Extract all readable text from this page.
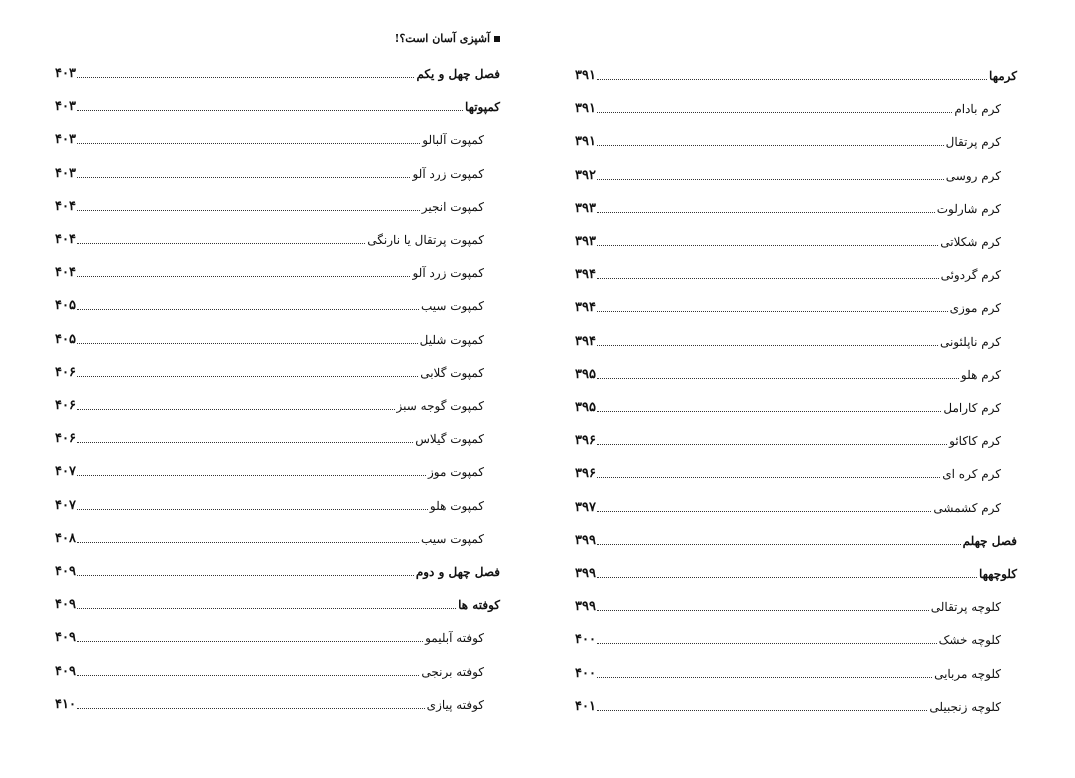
آشپزی آسان است؟!
کرمها
۳۹۱
کرم بادام
۳۹۱
کرم پرتقال
۳۹۱
کرم روسی
۳۹۲
کرم شارلوت
۳۹۳
کرم شکلاتی
۳۹۳
کرم گردوئی
۳۹۴
کرم موزی
۳۹۴
کرم ناپلئونی
۳۹۴
کرم هلو
۳۹۵
کرم کارامل
۳۹۵
کرم کاکائو
۳۹۶
کرم کره ای
۳۹۶
کرم کشمشی
۳۹۷
فصل چهلم
۳۹۹
کلوچهها
۳۹۹
کلوچه پرتقالی
۳۹۹
کلوچه خشک
۴۰۰
کلوچه مربایی
۴۰۰
کلوچه زنجبیلی
۴۰۱
فصل چهل و یکم
۴۰۳
کمپوتها
۴۰۳
کمپوت آلبالو
۴۰۳
کمپوت زرد آلو
۴۰۳
کمپوت انجیر
۴۰۴
کمپوت پرتقال یا نارنگی
۴۰۴
کمپوت زرد آلو
۴۰۴
کمپوت سیب
۴۰۵
کمپوت شلیل
۴۰۵
کمپوت گلابی
۴۰۶
کمپوت گوجه سبز
۴۰۶
کمپوت گیلاس
۴۰۶
کمپوت موز
۴۰۷
کمپوت هلو
۴۰۷
کمپوت سیب
۴۰۸
فصل چهل و دوم
۴۰۹
کوفته ها
۴۰۹
کوفته آبلیمو
۴۰۹
کوفته برنجی
۴۰۹
کوفته پیازی
۴۱۰
